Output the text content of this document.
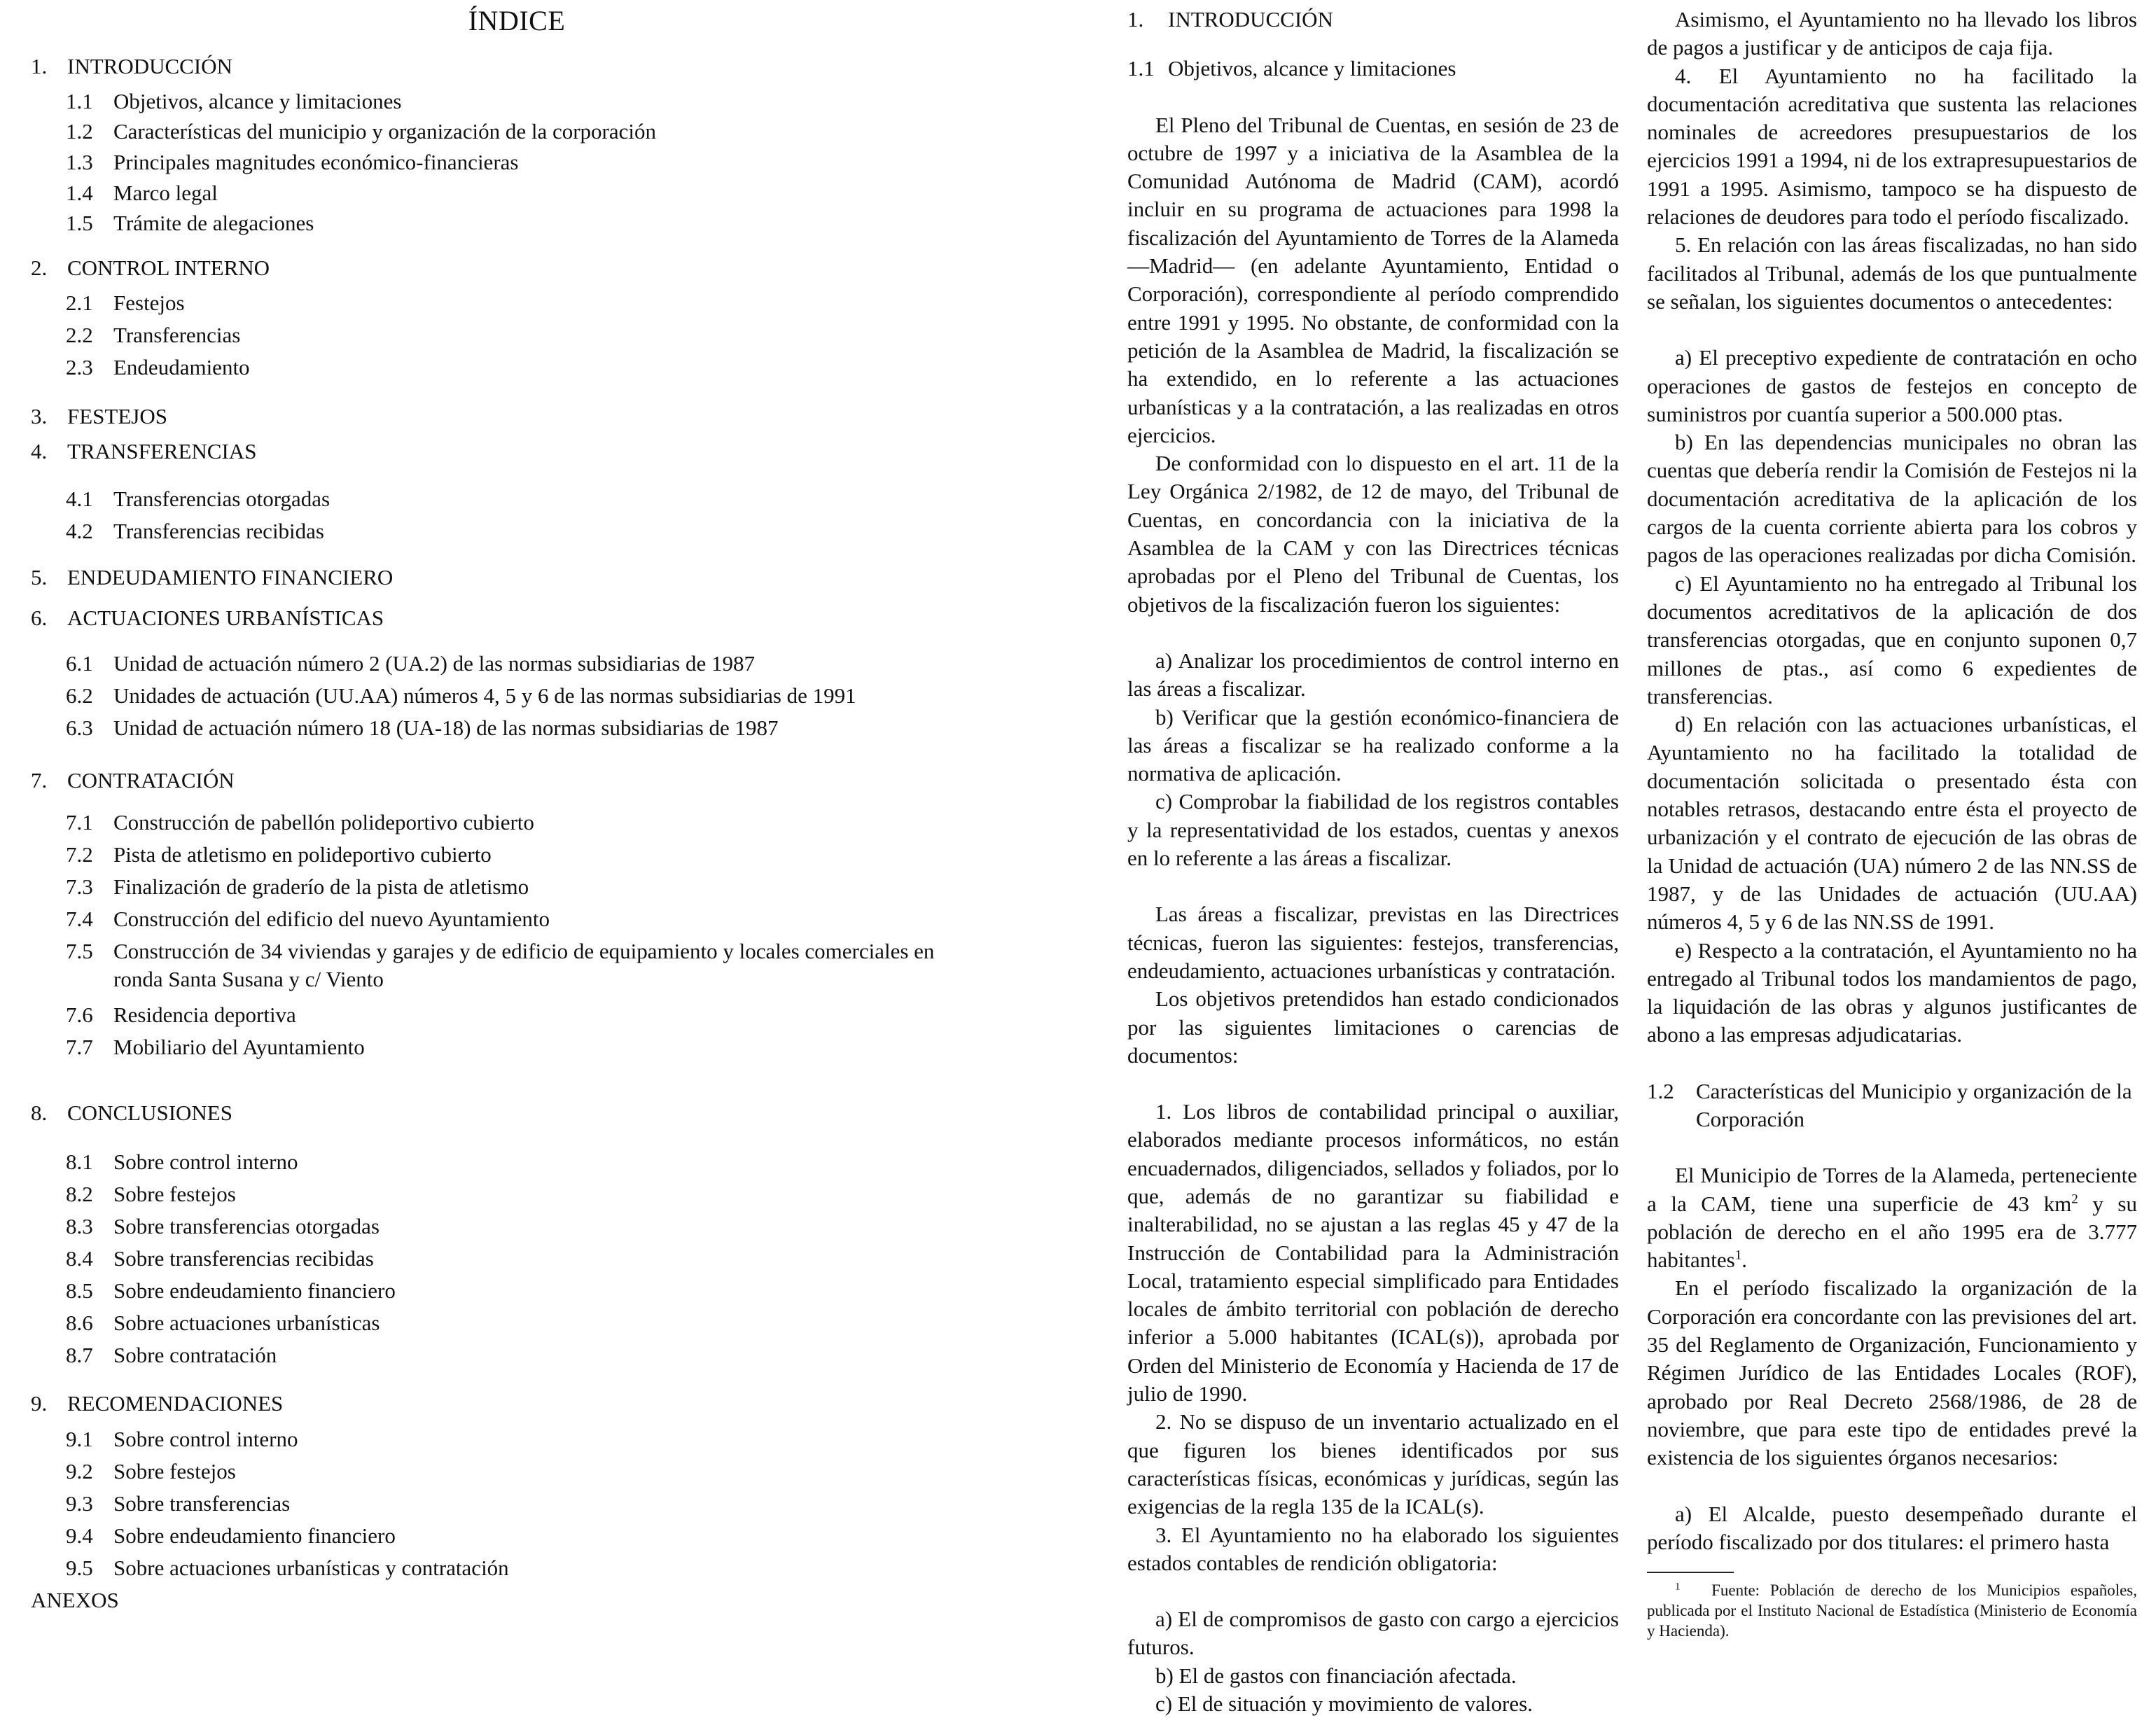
ÍNDICE
1. INTRODUCCIÓN
1.1 Objetivos, alcance y limitaciones
1.2 Características del municipio y organización de la corporación
1.3 Principales magnitudes económico-financieras
1.4 Marco legal
1.5 Trámite de alegaciones
2. CONTROL INTERNO
2.1 Festejos
2.2 Transferencias
2.3 Endeudamiento
3. FESTEJOS
4. TRANSFERENCIAS
4.1 Transferencias otorgadas
4.2 Transferencias recibidas
5. ENDEUDAMIENTO FINANCIERO
6. ACTUACIONES URBANÍSTICAS
6.1 Unidad de actuación número 2 (UA.2) de las normas subsidiarias de 1987
6.2 Unidades de actuación (UU.AA) números 4, 5 y 6 de las normas subsidiarias de 1991
6.3 Unidad de actuación número 18 (UA-18) de las normas subsidiarias de 1987
7. CONTRATACIÓN
7.1 Construcción de pabellón polideportivo cubierto
7.2 Pista de atletismo en polideportivo cubierto
7.3 Finalización de graderío de la pista de atletismo
7.4 Construcción del edificio del nuevo Ayuntamiento
7.5 Construcción de 34 viviendas y garajes y de edificio de equipamiento y locales comerciales en ronda Santa Susana y c/ Viento
7.6 Residencia deportiva
7.7 Mobiliario del Ayuntamiento
8. CONCLUSIONES
8.1 Sobre control interno
8.2 Sobre festejos
8.3 Sobre transferencias otorgadas
8.4 Sobre transferencias recibidas
8.5 Sobre endeudamiento financiero
8.6 Sobre actuaciones urbanísticas
8.7 Sobre contratación
9. RECOMENDACIONES
9.1 Sobre control interno
9.2 Sobre festejos
9.3 Sobre transferencias
9.4 Sobre endeudamiento financiero
9.5 Sobre actuaciones urbanísticas y contratación
ANEXOS

1. INTRODUCCIÓN

1.1 Objetivos, alcance y limitaciones

El Pleno del Tribunal de Cuentas, en sesión de 23 de octubre de 1997 y a iniciativa de la Asamblea de la Comunidad Autónoma de Madrid (CAM), acordó incluir en su programa de actuaciones para 1998 la fiscalización del Ayuntamiento de Torres de la Alameda —Madrid— (en adelante Ayuntamiento, Entidad o Corporación), correspondiente al período comprendido entre 1991 y 1995. No obstante, de conformidad con la petición de la Asamblea de Madrid, la fiscalización se ha extendido, en lo referente a las actuaciones urbanísticas y a la contratación, a las realizadas en otros ejercicios.

De conformidad con lo dispuesto en el art. 11 de la Ley Orgánica 2/1982, de 12 de mayo, del Tribunal de Cuentas, en concordancia con la iniciativa de la Asamblea de la CAM y con las Directrices técnicas aprobadas por el Pleno del Tribunal de Cuentas, los objetivos de la fiscalización fueron los siguientes:

a) Analizar los procedimientos de control interno en las áreas a fiscalizar.

b) Verificar que la gestión económico-financiera de las áreas a fiscalizar se ha realizado conforme a la normativa de aplicación.

c) Comprobar la fiabilidad de los registros contables y la representatividad de los estados, cuentas y anexos en lo referente a las áreas a fiscalizar.

Las áreas a fiscalizar, previstas en las Directrices técnicas, fueron las siguientes: festejos, transferencias, endeudamiento, actuaciones urbanísticas y contratación.

Los objetivos pretendidos han estado condicionados por las siguientes limitaciones o carencias de documentos:

1. Los libros de contabilidad principal o auxiliar, elaborados mediante procesos informáticos, no están encuadernados, diligenciados, sellados y foliados, por lo que, además de no garantizar su fiabilidad e inalterabilidad, no se ajustan a las reglas 45 y 47 de la Instrucción de Contabilidad para la Administración Local, tratamiento especial simplificado para Entidades locales de ámbito territorial con población de derecho inferior a 5.000 habitantes (ICAL(s)), aprobada por Orden del Ministerio de Economía y Hacienda de 17 de julio de 1990.

2. No se dispuso de un inventario actualizado en el que figuren los bienes identificados por sus características físicas, económicas y jurídicas, según las exigencias de la regla 135 de la ICAL(s).

3. El Ayuntamiento no ha elaborado los siguientes estados contables de rendición obligatoria:

a) El de compromisos de gasto con cargo a ejercicios futuros.

b) El de gastos con financiación afectada.

c) El de situación y movimiento de valores.

Asimismo, el Ayuntamiento no ha llevado los libros de pagos a justificar y de anticipos de caja fija.

4. El Ayuntamiento no ha facilitado la documentación acreditativa que sustenta las relaciones nominales de acreedores presupuestarios de los ejercicios 1991 a 1994, ni de los extrapresupuestarios de 1991 a 1995. Asimismo, tampoco se ha dispuesto de relaciones de deudores para todo el período fiscalizado.

5. En relación con las áreas fiscalizadas, no han sido facilitados al Tribunal, además de los que puntualmente se señalan, los siguientes documentos o antecedentes:

a) El preceptivo expediente de contratación en ocho operaciones de gastos de festejos en concepto de suministros por cuantía superior a 500.000 ptas.

b) En las dependencias municipales no obran las cuentas que debería rendir la Comisión de Festejos ni la documentación acreditativa de la aplicación de los cargos de la cuenta corriente abierta para los cobros y pagos de las operaciones realizadas por dicha Comisión.

c) El Ayuntamiento no ha entregado al Tribunal los documentos acreditativos de la aplicación de dos transferencias otorgadas, que en conjunto suponen 0,7 millones de ptas., así como 6 expedientes de transferencias.

d) En relación con las actuaciones urbanísticas, el Ayuntamiento no ha facilitado la totalidad de documentación solicitada o presentado ésta con notables retrasos, destacando entre ésta el proyecto de urbanización y el contrato de ejecución de las obras de la Unidad de actuación (UA) número 2 de las NN.SS de 1987, y de las Unidades de actuación (UU.AA) números 4, 5 y 6 de las NN.SS de 1991.

e) Respecto a la contratación, el Ayuntamiento no ha entregado al Tribunal todos los mandamientos de pago, la liquidación de las obras y algunos justificantes de abono a las empresas adjudicatarias.

1.2 Características del Municipio y organización de la Corporación

El Municipio de Torres de la Alameda, perteneciente a la CAM, tiene una superficie de 43 $km^2$ y su población de derecho en el año 1995 era de 3.777 habitantes$^1$.

En el período fiscalizado la organización de la Corporación era concordante con las previsiones del art. 35 del Reglamento de Organización, Funcionamiento y Régimen Jurídico de las Entidades Locales (ROF), aprobado por Real Decreto 2568/1986, de 28 de noviembre, que para este tipo de entidades prevé la existencia de los siguientes órganos necesarios:

a) El Alcalde, puesto desempeñado durante el período fiscalizado por dos titulares: el primero hasta

$^1$ Fuente: Población de derecho de los Municipios españoles, publicada por el Instituto Nacional de Estadística (Ministerio de Economía y Hacienda).
